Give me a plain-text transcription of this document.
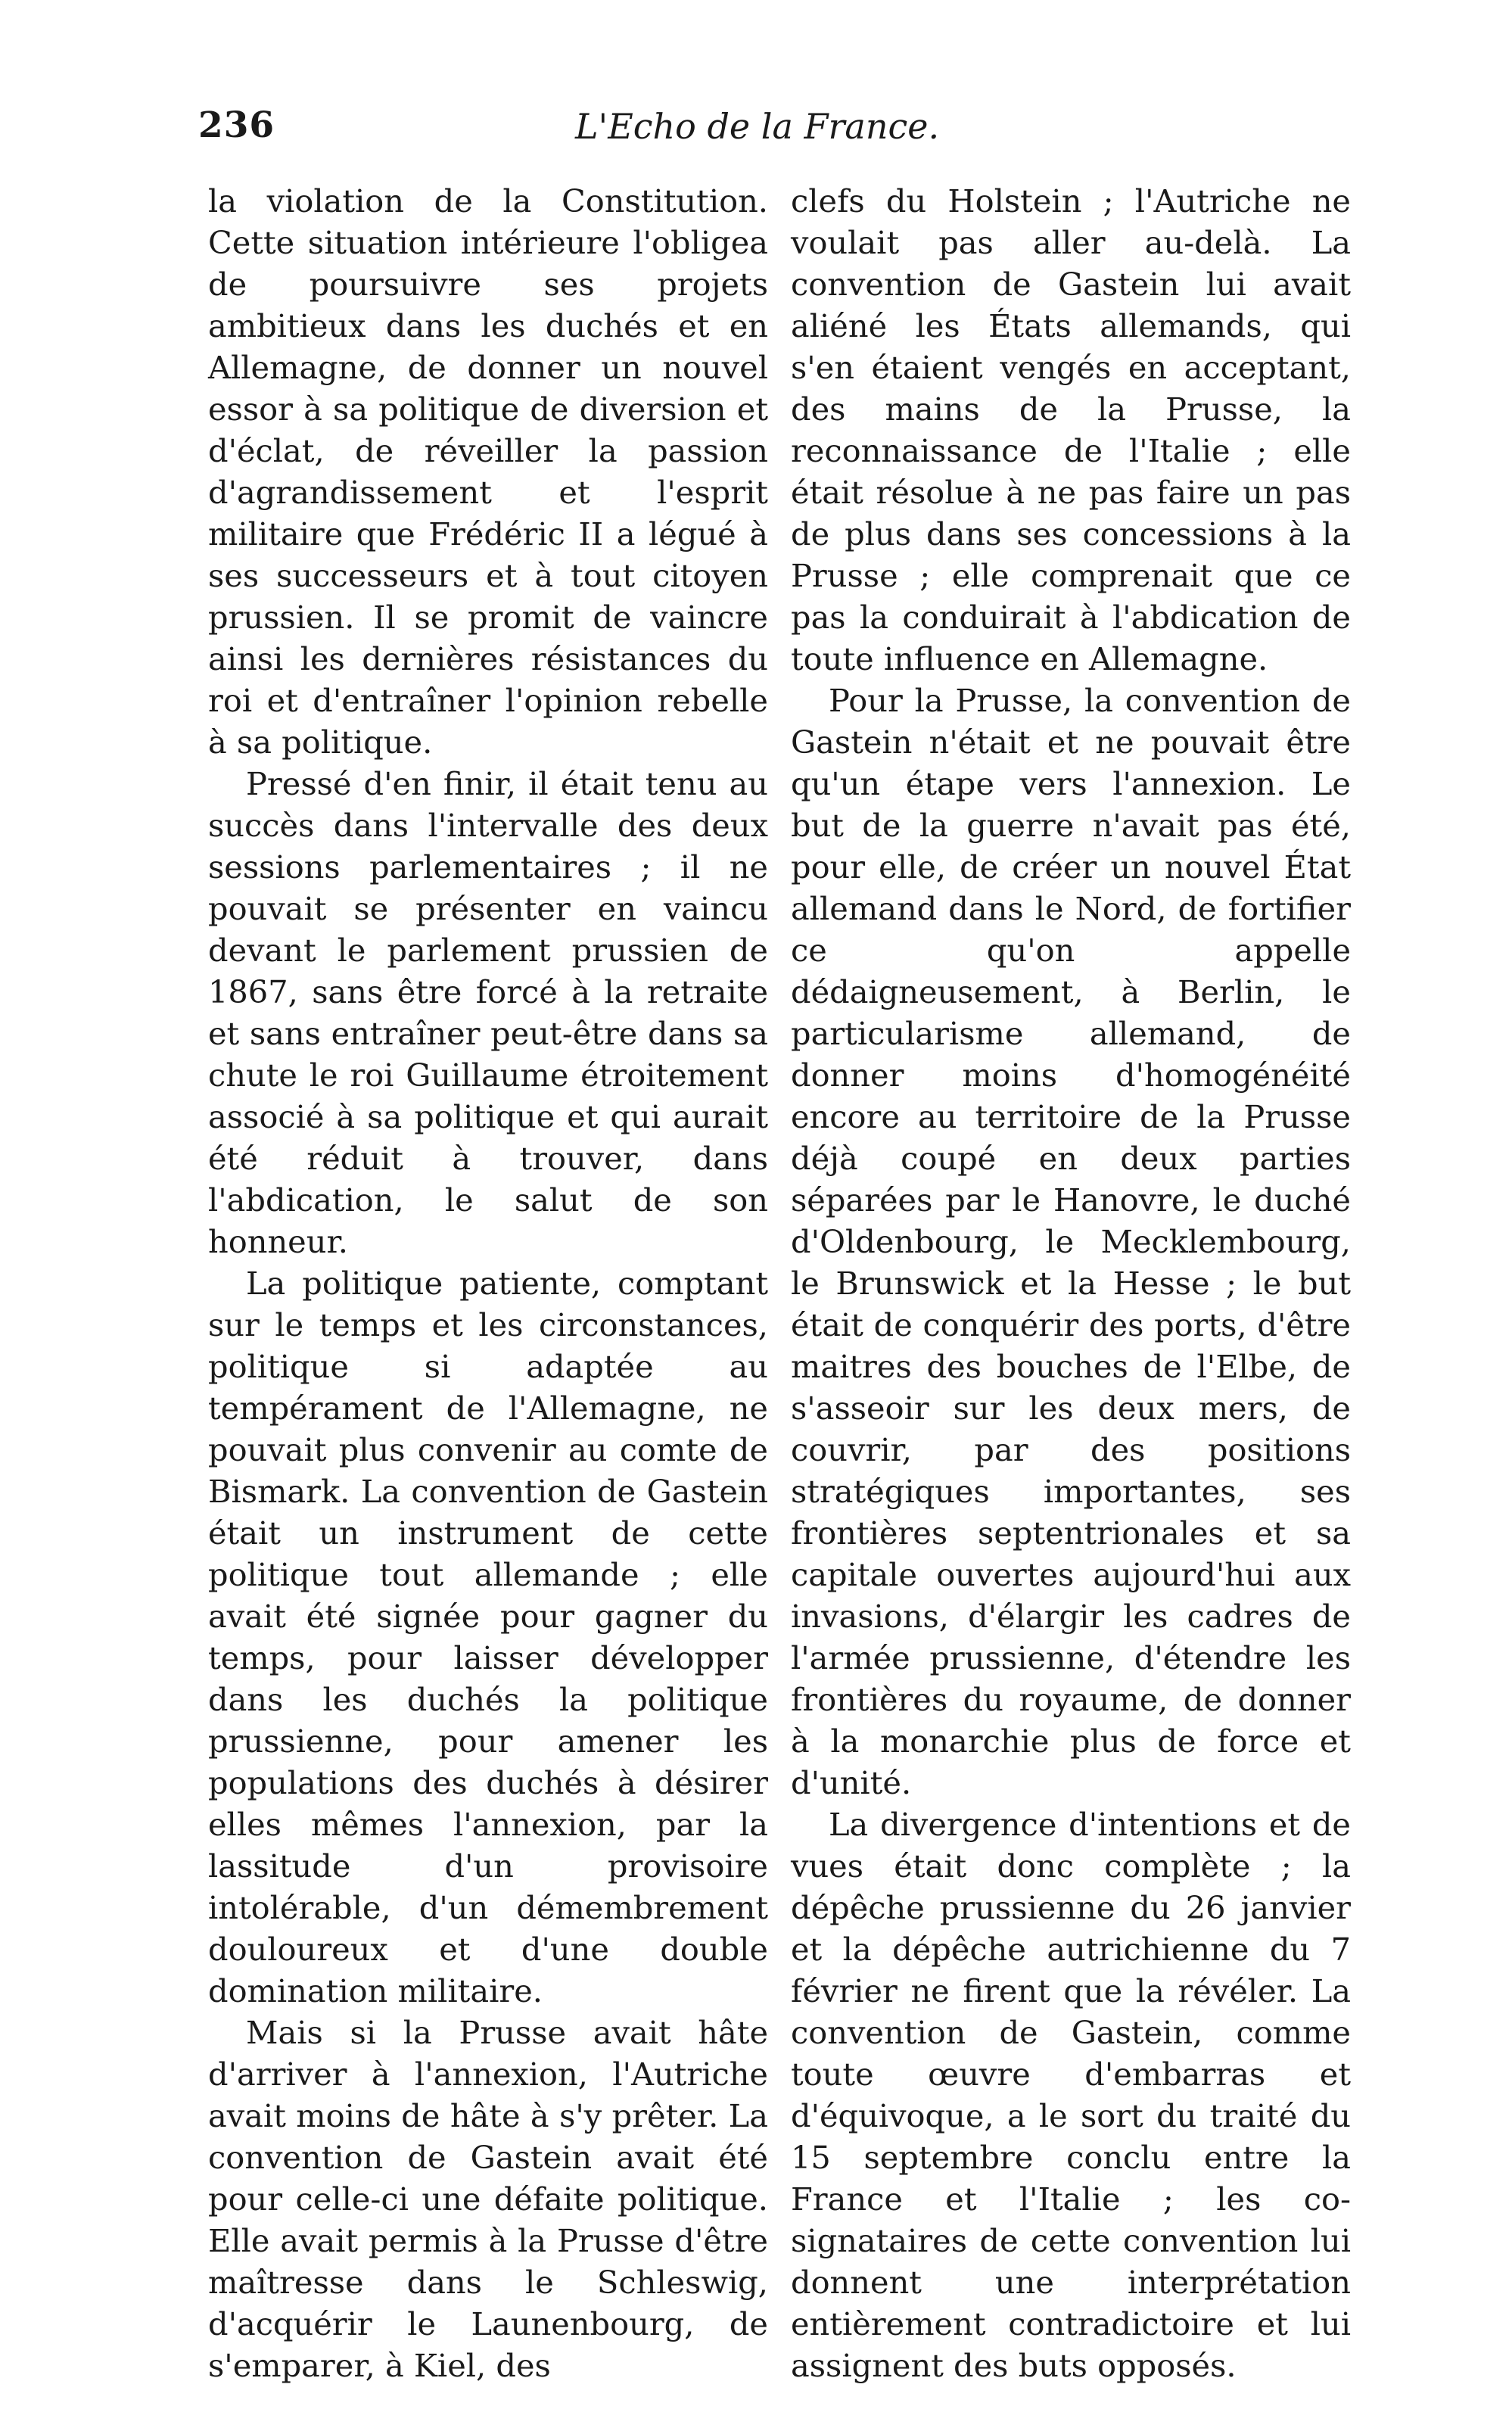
236	L'Echo de la France.

la violation de la Constitution. Cette situation intérieure l'obligea de poursuivre ses projets ambitieux dans les duchés et en Allemagne, de donner un nouvel essor à sa politique de diversion et d'éclat, de réveiller la passion d'agrandissement et l'esprit militaire que Frédéric II a légué à ses successeurs et à tout citoyen prussien. Il se promit de vaincre ainsi les dernières résistances du roi et d'entraîner l'opinion rebelle à sa politique.

Pressé d'en finir, il était tenu au succès dans l'intervalle des deux sessions parlementaires ; il ne pouvait se présenter en vaincu devant le parlement prussien de 1867, sans être forcé à la retraite et sans entraîner peut-être dans sa chute le roi Guillaume étroitement associé à sa politique et qui aurait été réduit à trouver, dans l'abdication, le salut de son honneur.

La politique patiente, comptant sur le temps et les circonstances, politique si adaptée au tempérament de l'Allemagne, ne pouvait plus convenir au comte de Bismark. La convention de Gastein était un instrument de cette politique tout allemande ; elle avait été signée pour gagner du temps, pour laisser développer dans les duchés la politique prussienne, pour amener les populations des duchés à désirer elles mêmes l'annexion, par la lassitude d'un provisoire intolérable, d'un démembrement douloureux et d'une double domination militaire.

Mais si la Prusse avait hâte d'arriver à l'annexion, l'Autriche avait moins de hâte à s'y prêter. La convention de Gastein avait été pour celle-ci une défaite politique. Elle avait permis à la Prusse d'être maîtresse dans le Schleswig, d'acquérir le Launenbourg, de s'emparer, à Kiel, des

clefs du Holstein ; l'Autriche ne voulait pas aller au-delà. La convention de Gastein lui avait aliéné les États allemands, qui s'en étaient vengés en acceptant, des mains de la Prusse, la reconnaissance de l'Italie ; elle était résolue à ne pas faire un pas de plus dans ses concessions à la Prusse ; elle comprenait que ce pas la conduirait à l'abdication de toute influence en Allemagne.

Pour la Prusse, la convention de Gastein n'était et ne pouvait être qu'un étape vers l'annexion. Le but de la guerre n'avait pas été, pour elle, de créer un nouvel État allemand dans le Nord, de fortifier ce qu'on appelle dédaigneusement, à Berlin, le particularisme allemand, de donner moins d'homogénéité encore au territoire de la Prusse déjà coupé en deux parties séparées par le Hanovre, le duché d'Oldenbourg, le Mecklembourg, le Brunswick et la Hesse ; le but était de conquérir des ports, d'être maitres des bouches de l'Elbe, de s'asseoir sur les deux mers, de couvrir, par des positions stratégiques importantes, ses frontières septentrionales et sa capitale ouvertes aujourd'hui aux invasions, d'élargir les cadres de l'armée prussienne, d'étendre les frontières du royaume, de donner à la monarchie plus de force et d'unité.

La divergence d'intentions et de vues était donc complète ; la dépêche prussienne du 26 janvier et la dépêche autrichienne du 7 février ne firent que la révéler. La convention de Gastein, comme toute œuvre d'embarras et d'équivoque, a le sort du traité du 15 septembre conclu entre la France et l'Italie ; les co-signataires de cette convention lui donnent une interprétation entièrement contradictoire et lui assignent des buts opposés.
